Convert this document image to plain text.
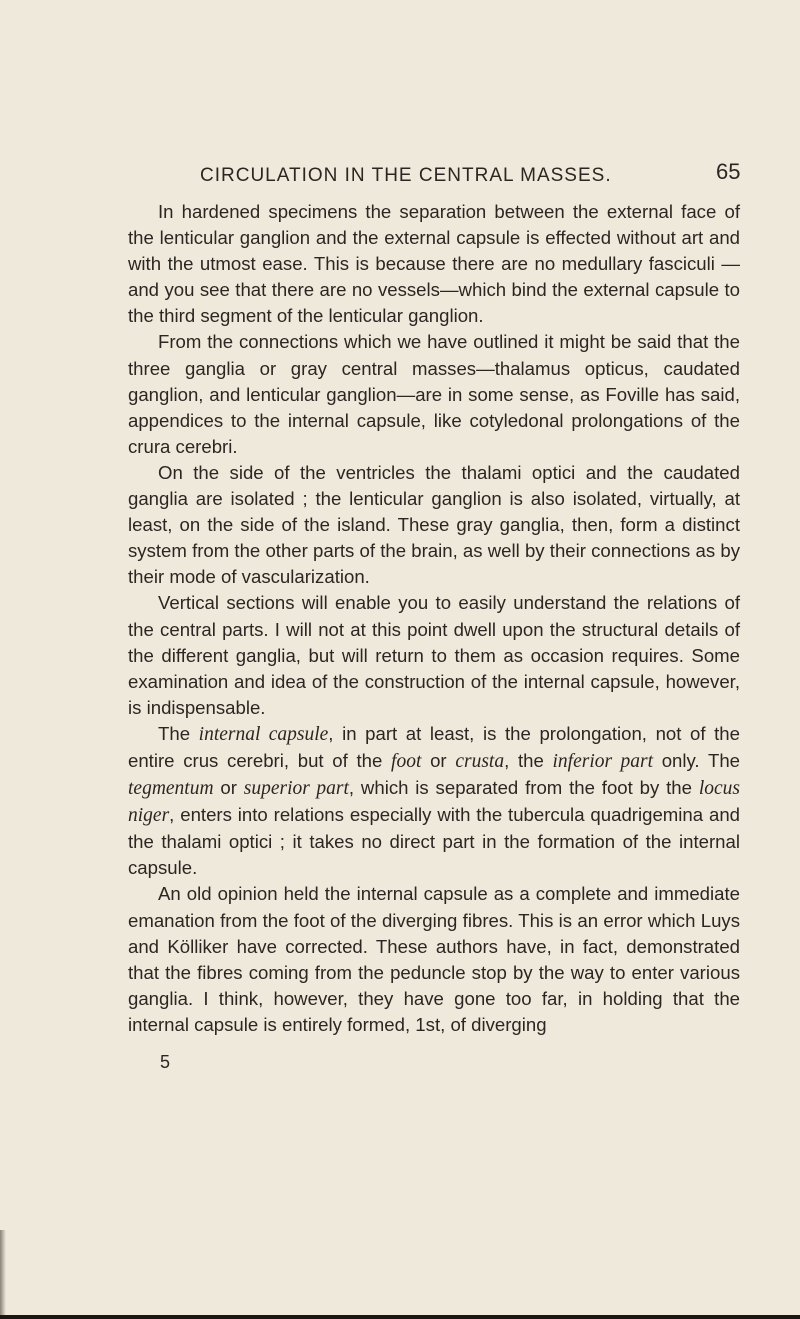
CIRCULATION IN THE CENTRAL MASSES.	65

In hardened specimens the separation between the external face of the lenticular ganglion and the external capsule is effected without art and with the utmost ease. This is because there are no medullary fasciculi — and you see that there are no vessels—which bind the external capsule to the third segment of the lenticular ganglion.

From the connections which we have outlined it might be said that the three ganglia or gray central masses—thalamus opticus, caudated ganglion, and lenticular ganglion—are in some sense, as Foville has said, appendices to the internal capsule, like cotyledonal prolongations of the crura cerebri.

On the side of the ventricles the thalami optici and the caudated ganglia are isolated ; the lenticular ganglion is also isolated, virtually, at least, on the side of the island. These gray ganglia, then, form a distinct system from the other parts of the brain, as well by their connections as by their mode of vascularization.

Vertical sections will enable you to easily understand the relations of the central parts. I will not at this point dwell upon the structural details of the different ganglia, but will return to them as occasion requires. Some examination and idea of the construction of the internal capsule, however, is indispensable.

The internal capsule, in part at least, is the prolongation, not of the entire crus cerebri, but of the foot or crusta, the inferior part only. The tegmentum or superior part, which is separated from the foot by the locus niger, enters into relations especially with the tubercula quadrigemina and the thalami optici ; it takes no direct part in the formation of the internal capsule.

An old opinion held the internal capsule as a complete and immediate emanation from the foot of the diverging fibres. This is an error which Luys and Kölliker have corrected. These authors have, in fact, demonstrated that the fibres coming from the peduncle stop by the way to enter various ganglia. I think, however, they have gone too far, in holding that the internal capsule is entirely formed, 1st, of diverging

5
